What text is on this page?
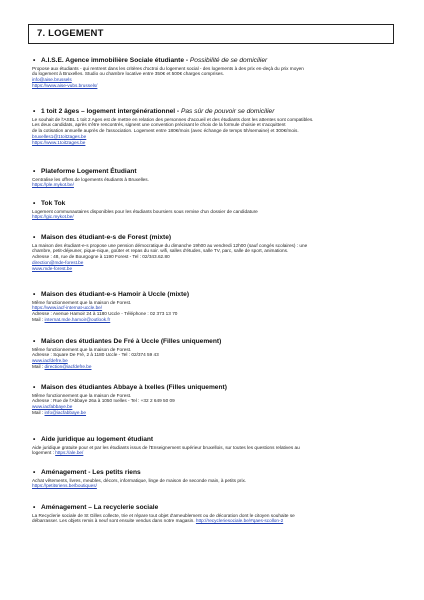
7. LOGEMENT
• A.I.S.E. Agence immobilière Sociale étudiante - Possibilité de se domicilier
Propose aux étudiants - qui rentrent dans les critères d'octroi du logement social - des logements à des prix en-deçà du prix moyen
du logement à Bruxelles. Studio ou chambre locative entre 350€ et 500€ charges comprises.
info@aise.brussels
https://www.aise-vubs.brussels/
• 1 toit 2 âges – logement intergénérationnel - Pas sûr de pouvoir se domicilier
Le souhait de l'ASBL 1 toit 2 Ages est de mettre en relation des personnes d'accueil et des étudiants dont les attentes sont compatibles.
Les deux candidats, après s'être rencontrés, signent une convention précisant le choix de la formule choisie et s'acquittent
de la cotisation annuelle auprès de l'association. Logement entre 180€/mois (avec échange de temps 5h/semaine) et 300€/mois.
bruxelles1@1toit2ages.be
https://www.1toit2ages.be
• Plateforme Logement Étudiant
Centralise les offres de logements étudiants à Bruxelles.
https://ple.mykot.be/
• Tok Tok
Logement communautaires disponibles pour les étudiants boursiers sous remise d'un dossier de candidature
https://gic.mykot.be/
• Maison des étudiant-e-s de Forest (mixte)
La maison des étudiant-e-s propose une pension démocratique du dimanche 19h00 au vendredi 12h00 (sauf congés scolaires) : une
chambre, petit-déjeuner, pique-nique, goûter et repas du soir. wifi, salles d'études, salle TV, parc, salle de sport, animations.
Adresse : 48, rue de Bourgogne à 1190 Forest - Tel : 02/343.62.80
direction@mde-forest.be
www.mde-forest.be
• Maison des étudiant-e-s Hamoir à Uccle (mixte)
Même fonctionnement que la maison de Forest.
https://www.iacf-internat-uccle.be/
Adresse : Avenue Hamoir 24 à 1180 Uccle - Téléphone : 02 373 13 70
Mail : internat.mde.hamoir@outlook.fr
• Maison des étudiantes De Fré à Uccle (Filles uniquement)
Même fonctionnement que la maison de Forest.
Adresse : Square De Fré, 2 à 1180 Uccle - Tel : 02/374 59 43
www.iacfdefre.be
Mail : direction@iacfdefre.be
• Maison des étudiantes Abbaye à Ixelles (Filles uniquement)
Même fonctionnement que la maison de Forest.
Adresse : Rue de l'Abbaye 26a à 1050 Ixelles - Tel : +32 2 649 50 09
www.iacfabbaye.be
Mail : info@iacfabbaye.be
• Aide juridique au logement étudiant
Aide juridique gratuite pour et par les étudiants issus de l'Enseignement supérieur bruxellois, sur toutes les questions relatives au
logement : https://ale.be/
• Aménagement - Les petits riens
Achat vêtements, livres, meubles, décors, informatique, linge de maison de seconde main, à petits prix.
https://petitsriens.be/boutiques/
• Aménagement – La recyclerie sociale
La Recyclerie sociale de St Gilles collecte, trie et répare tout objet d'ameublement ou de décoration dont le citoyen souhaite se
débarrasser. Les objets remis à neuf sont ensuite vendus dans notre magasin. http://recycleriesociale.be/#qaes-scollon-2
